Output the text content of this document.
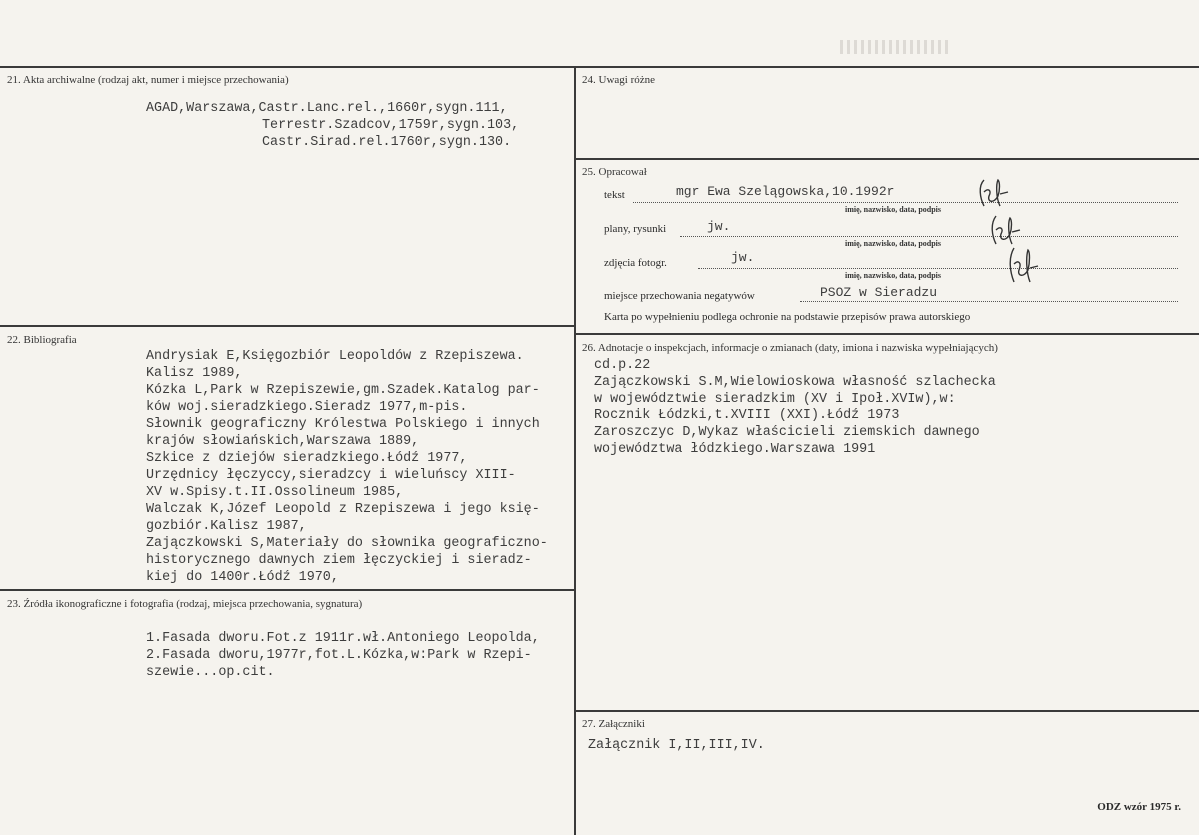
21. Akta archiwalne (rodzaj akt, numer i miejsce przechowania)
AGAD,Warszawa,Castr.Lanc.rel.,1660r,sygn.111,
Terrestr.Szadcov,1759r,sygn.103,
Castr.Sirad.rel.1760r,sygn.130.
22. Bibliografia
Andrysiak E,Księgozbiór Leopoldów z Rzepiszewa.
Kalisz 1989,
Kózka L,Park w Rzepiszewie,gm.Szadek.Katalog par-
ków woj.sieradzkiego.Sieradz 1977,m-pis.
Słownik geograficzny Królestwa Polskiego i innych
krajów słowiańskich,Warszawa 1889,
Szkice z dziejów sieradzkiego.Łódź 1977,
Urzędnicy łęczyccy,sieradzcy i wieluńscy XIII-
XV w.Spisy.t.II.Ossolineum 1985,
Walczak K,Józef Leopold z Rzepiszewa i jego księ-
gozbiór.Kalisz 1987,
Zajączkowski S,Materiały do słownika geograficzno-
historycznego dawnych ziem łęczyckiej i sieradz-
kiej do 1400r.Łódź 1970,
23. Źródła ikonograficzne i fotografia (rodzaj, miejsca przechowania, sygnatura)
1.Fasada dworu.Fot.z 1911r.wł.Antoniego Leopolda,
2.Fasada dworu,1977r,fot.L.Kózka,w:Park w Rzepi-
szewie...op.cit.
24. Uwagi różne
25. Opracował
tekst	mgr Ewa Szelągowska,10.1992r
imię, nazwisko, data, podpis
plany, rysunki	jw.
imię, nazwisko, data, podpis
zdjęcia fotogr.	jw.
imię, nazwisko, data, podpis
miejsce przechowania negatywów	PSOZ w Sieradzu
Karta po wypełnieniu podlega ochronie na podstawie przepisów prawa autorskiego
26. Adnotacje o inspekcjach, informacje o zmianach (daty, imiona i nazwiska wypełniających)
cd.p.22
Zajączkowski S.M,Wielowioskowa własność szlachecka
w województwie sieradzkim (XV i Ipoł.XVIw),w:
Rocznik Łódzki,t.XVIII (XXI).Łódź 1973
Zaroszczyc D,Wykaz właścicieli ziemskich dawnego
województwa łódzkiego.Warszawa 1991
27. Załączniki
Załącznik I,II,III,IV.
ODZ wzór 1975 r.
